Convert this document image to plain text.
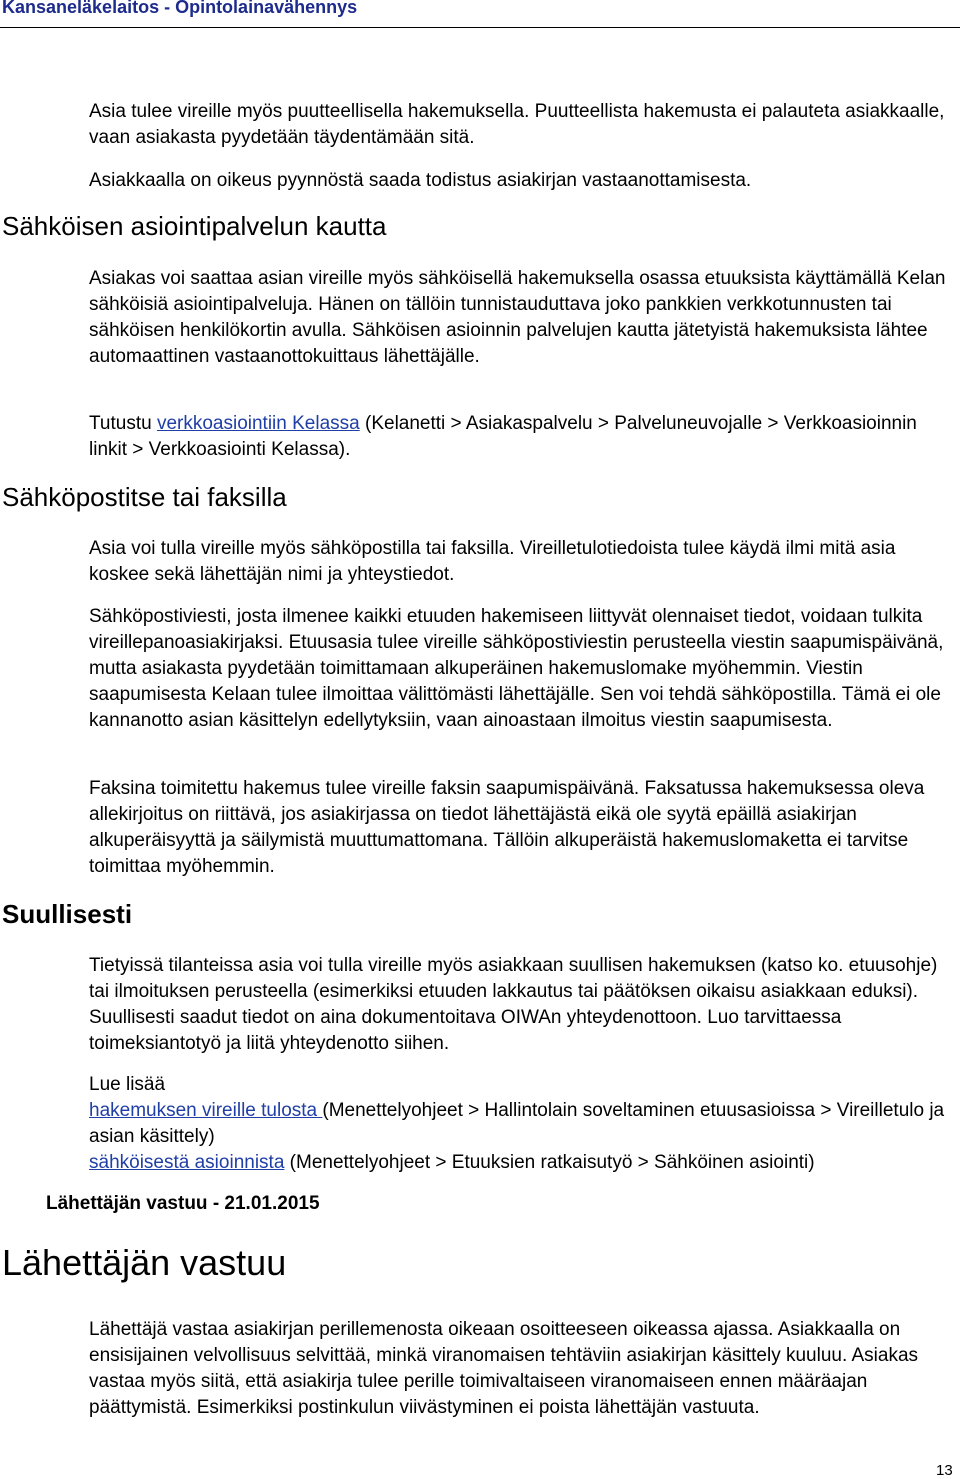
Kansaneläkelaitos - Opintolainavähennys

Asia tulee vireille myös puutteellisella hakemuksella. Puutteellista hakemusta ei palauteta asiakkaalle, vaan asiakasta pyydetään täydentämään sitä.

Asiakkaalla on oikeus pyynnöstä saada todistus asiakirjan vastaanottamisesta.

Sähköisen asiointipalvelun kautta

Asiakas voi saattaa asian vireille myös sähköisellä hakemuksella osassa etuuksista käyttämällä Kelan sähköisiä asiointipalveluja. Hänen on tällöin tunnistauduttava joko pankkien verkkotunnusten tai sähköisen henkilökortin avulla. Sähköisen asioinnin palvelujen kautta jätetyistä hakemuksista lähtee automaattinen vastaanottokuittaus lähettäjälle.

Tutustu verkkoasiointiin Kelassa (Kelanetti > Asiakaspalvelu > Palveluneuvojalle > Verkkoasioinnin linkit > Verkkoasiointi Kelassa).

Sähköpostitse tai faksilla

Asia voi tulla vireille myös sähköpostilla tai faksilla. Vireilletulotiedoista tulee käydä ilmi mitä asia koskee sekä lähettäjän nimi ja yhteystiedot.

Sähköpostiviesti, josta ilmenee kaikki etuuden hakemiseen liittyvät olennaiset tiedot, voidaan tulkita vireillepanoasiakirjaksi. Etuusasia tulee vireille sähköpostiviestin perusteella viestin saapumispäivänä, mutta asiakasta pyydetään toimittamaan alkuperäinen hakemuslomake myöhemmin. Viestin saapumisesta Kelaan tulee ilmoittaa välittömästi lähettäjälle. Sen voi tehdä sähköpostilla. Tämä ei ole kannanotto asian käsittelyn edellytyksiin, vaan ainoastaan ilmoitus viestin saapumisesta.

Faksina toimitettu hakemus tulee vireille faksin saapumispäivänä. Faksatussa hakemuksessa oleva allekirjoitus on riittävä, jos asiakirjassa on tiedot lähettäjästä eikä ole syytä epäillä asiakirjan alkuperäisyyttä ja säilymistä muuttumattomana. Tällöin alkuperäistä hakemuslomaketta ei tarvitse toimittaa myöhemmin.

Suullisesti

Tietyissä tilanteissa asia voi tulla vireille myös asiakkaan suullisen hakemuksen (katso ko. etuusohje) tai ilmoituksen perusteella (esimerkiksi etuuden lakkautus tai päätöksen oikaisu asiakkaan eduksi). Suullisesti saadut tiedot on aina dokumentoitava OIWAn yhteydenottoon. Luo tarvittaessa toimeksiantotyö ja liitä yhteydenotto siihen.

Lue lisää
hakemuksen vireille tulosta (Menettelyohjeet > Hallintolain soveltaminen etuusasioissa > Vireilletulo ja asian käsittely)
sähköisestä asioinnista (Menettelyohjeet > Etuuksien ratkaisutyö > Sähköinen asiointi)

Lähettäjän vastuu - 21.01.2015
Lähettäjän vastuu

Lähettäjä vastaa asiakirjan perillemenosta oikeaan osoitteeseen oikeassa ajassa. Asiakkaalla on ensisijainen velvollisuus selvittää, minkä viranomaisen tehtäviin asiakirjan käsittely kuuluu. Asiakas vastaa myös siitä, että asiakirja tulee perille toimivaltaiseen viranomaiseen ennen määräajan päättymistä. Esimerkiksi postinkulun viivästyminen ei poista lähettäjän vastuuta.

13
